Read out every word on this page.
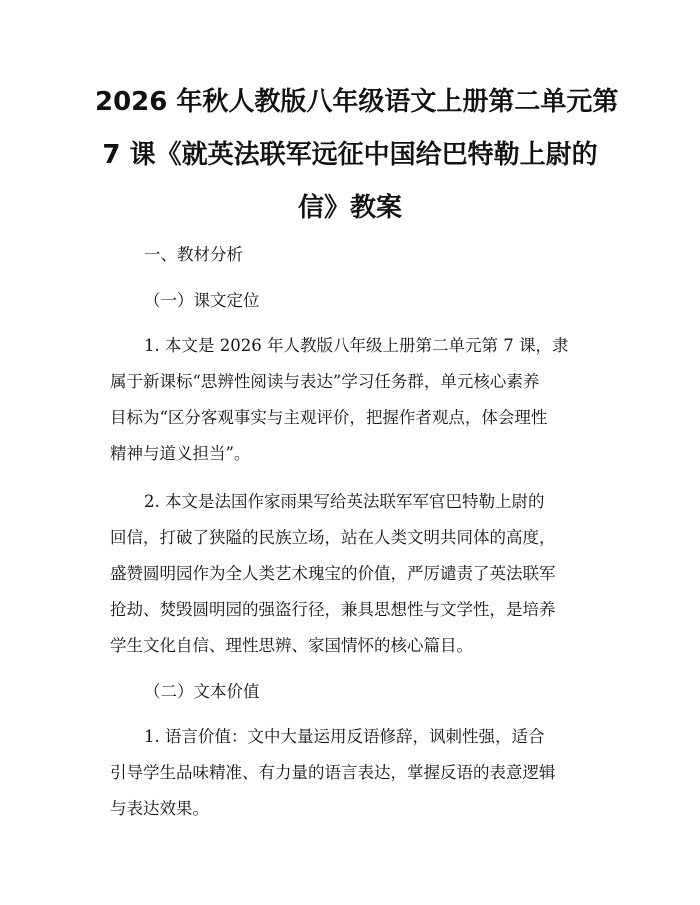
2026 年秋人教版八年级语文上册第二单元第
7 课《就英法联军远征中国给巴特勒上尉的
信》教案

一、教材分析

（一）课文定位

1. 本文是 2026 年人教版八年级上册第二单元第 7 课，隶
属于新课标“思辨性阅读与表达”学习任务群，单元核心素养
目标为“区分客观事实与主观评价，把握作者观点，体会理性
精神与道义担当”。
2. 本文是法国作家雨果写给英法联军军官巴特勒上尉的
回信，打破了狭隘的民族立场，站在人类文明共同体的高度，
盛赞圆明园作为全人类艺术瑰宝的价值，严厉谴责了英法联军
抢劫、焚毁圆明园的强盗行径，兼具思想性与文学性，是培养
学生文化自信、理性思辨、家国情怀的核心篇目。

（二）文本价值

1. 语言价值：文中大量运用反语修辞，讽刺性强，适合
引导学生品味精准、有力量的语言表达，掌握反语的表意逻辑
与表达效果。
